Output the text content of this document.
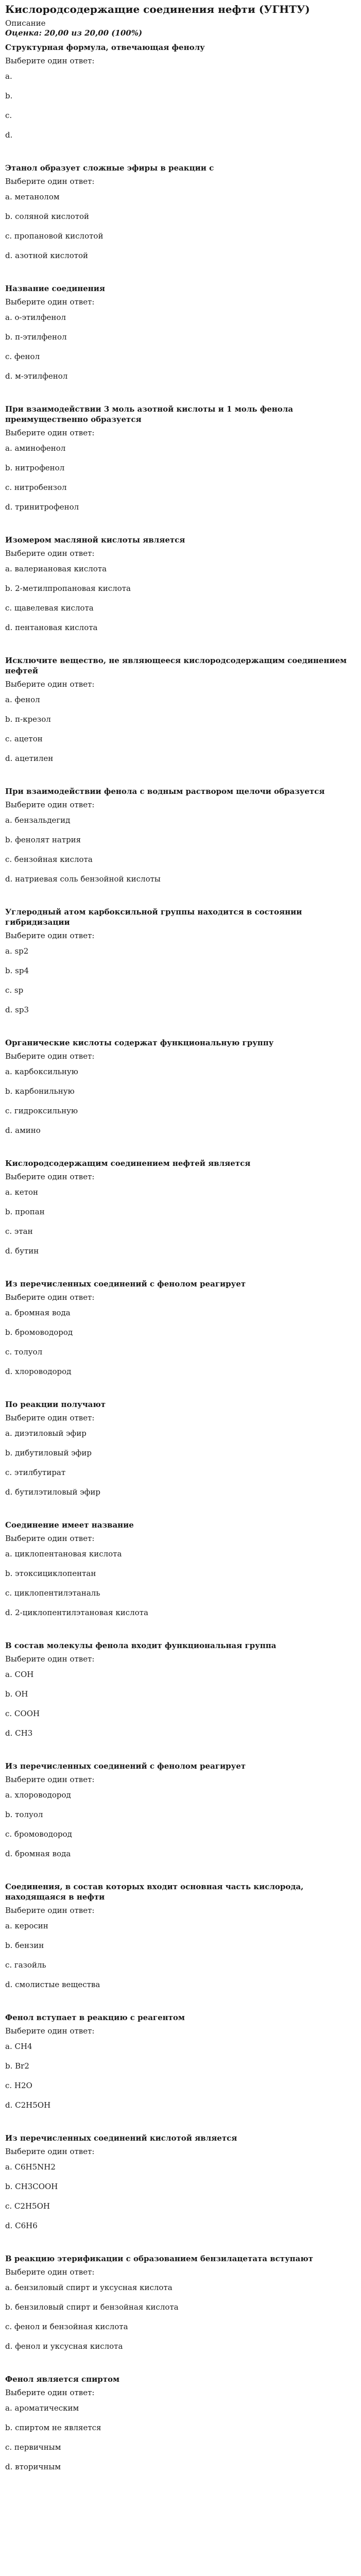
Кислородсодержащие соединения нефти (УГНТУ)

Описание

Оценка: 20,00 из 20,00 (100%)

Структурная формула, отвечающая фенолу

Выберите один ответ:

a.

b.

c.

d.

Этанол образует сложные эфиры в реакции с

Выберите один ответ:

a. метанолом

b. соляной кислотой

c. пропановой кислотой

d. азотной кислотой

Название соединения

Выберите один ответ:

a. о-этилфенол

b. п-этилфенол

c. фенол

d. м-этилфенол

При взаимодействии 3 моль азотной кислоты и 1 моль фенола преимущественно образуется

Выберите один ответ:

a. аминофенол

b. нитрофенол

c. нитробензол

d. тринитрофенол

Изомером масляной кислоты является

Выберите один ответ:

a. валериановая кислота

b. 2-метилпропановая кислота

c. щавелевая кислота

d. пентановая кислота

Исключите вещество, не являющееся кислородсодержащим соединением нефтей

Выберите один ответ:

a. фенол

b. п-крезол

c. ацетон

d. ацетилен

При взаимодействии фенола с водным раствором щелочи образуется

Выберите один ответ:

a. бензальдегид

b. фенолят натрия

c. бензойная кислота

d. натриевая соль бензойной кислоты

Углеродный атом карбоксильной группы находится в состоянии гибридизации

Выберите один ответ:

a. sp2

b. sp4

c. sp

d. sp3

Органические кислоты содержат функциональную группу

Выберите один ответ:

a. карбоксильную

b. карбонильную

c. гидроксильную

d. амино

Кислородсодержащим соединением нефтей является

Выберите один ответ:

a. кетон

b. пропан

c. этан

d. бутин

Из перечисленных соединений с фенолом реагирует

Выберите один ответ:

a. бромная вода

b. бромоводород

c. толуол

d. хлороводород

По реакции получают

Выберите один ответ:

a. диэтиловый эфир

b. дибутиловый эфир

c. этилбутират

d. бутилэтиловый эфир

Соединение имеет название

Выберите один ответ:

a. циклопентановая кислота

b. этоксициклопентан

c. циклопентилэтаналь

d. 2-циклопентилэтановая кислота

В состав молекулы фенола входит функциональная группа

Выберите один ответ:

a. COH

b. OH

c. COOH

d. CH3

Из перечисленных соединений с фенолом реагирует

Выберите один ответ:

a. хлороводород

b. толуол

c. бромоводород

d. бромная вода

Соединения, в состав которых входит основная часть кислорода, находящаяся в нефти

Выберите один ответ:

a. керосин

b. бензин

c. газойль

d. смолистые вещества

Фенол вступает в реакцию с реагентом

Выберите один ответ:

a. CH4

b. Br2

c. H2O

d. C2H5OH

Из перечисленных соединений кислотой является

Выберите один ответ:

a. C6H5NH2

b. CH3COOH

c. C2H5OH

d. C6H6

В реакцию этерификации с образованием бензилацетата вступают

Выберите один ответ:

a. бензиловый спирт и уксусная кислота

b. бензиловый спирт и бензойная кислота

c. фенол и бензойная кислота

d. фенол и уксусная кислота

Фенол является спиртом

Выберите один ответ:

a. ароматическим

b. спиртом не является

c. первичным

d. вторичным
